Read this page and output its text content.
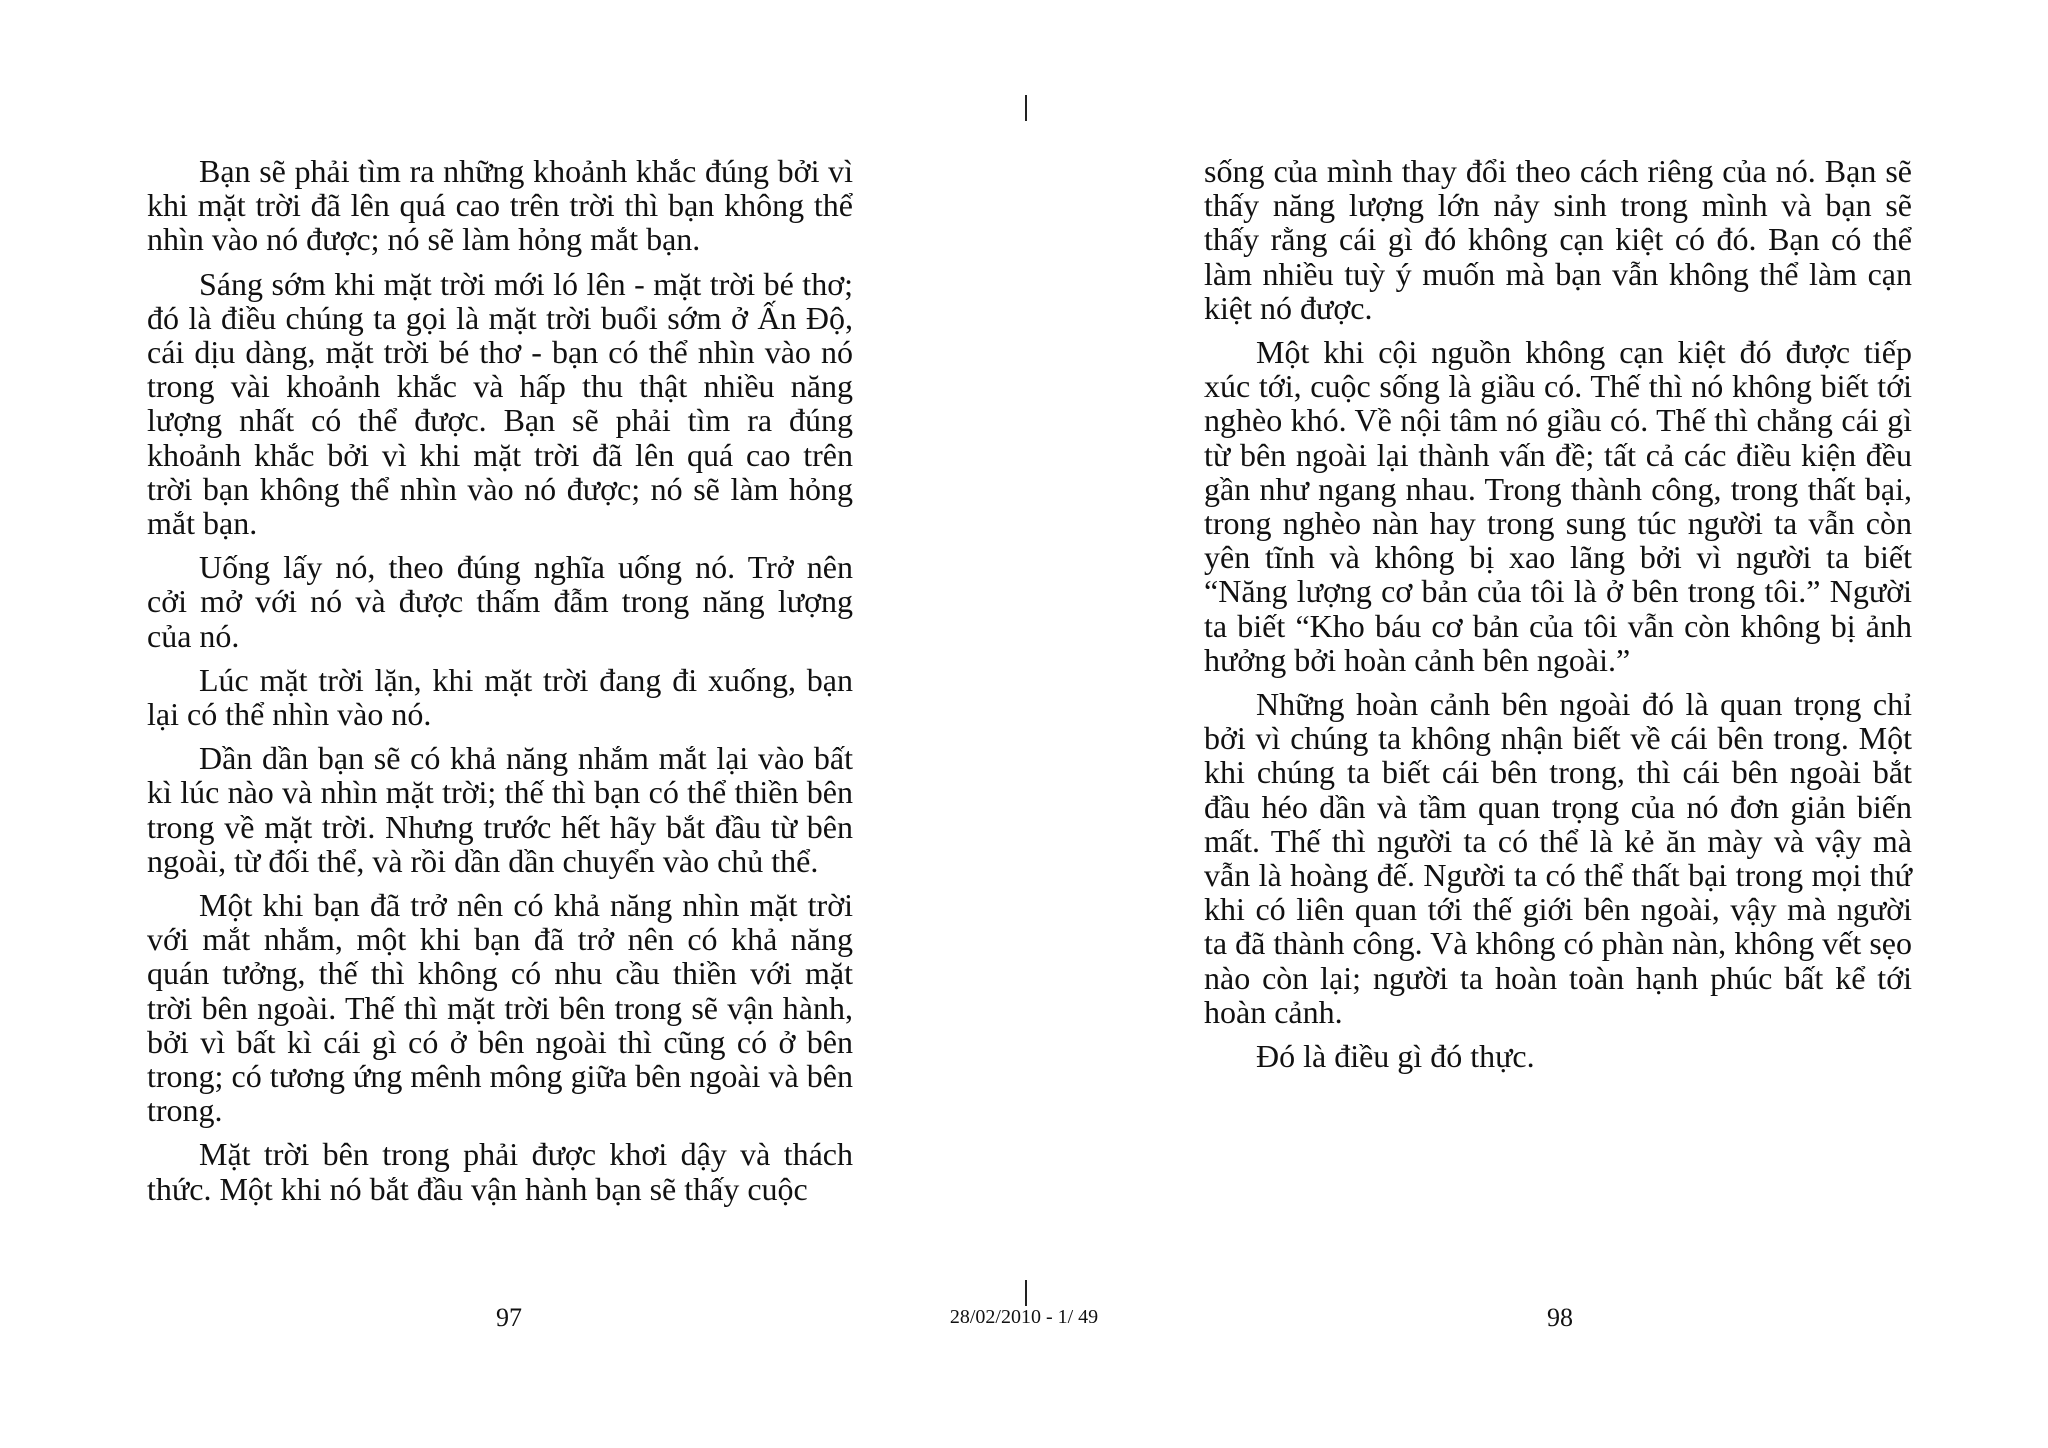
Bạn sẽ phải tìm ra những khoảnh khắc đúng bởi vì khi mặt trời đã lên quá cao trên trời thì bạn không thể nhìn vào nó được; nó sẽ làm hỏng mắt bạn.

Sáng sớm khi mặt trời mới ló lên - mặt trời bé thơ; đó là điều chúng ta gọi là mặt trời buổi sớm ở Ấn Độ, cái dịu dàng, mặt trời bé thơ - bạn có thể nhìn vào nó trong vài khoảnh khắc và hấp thu thật nhiều năng lượng nhất có thể được. Bạn sẽ phải tìm ra đúng khoảnh khắc bởi vì khi mặt trời đã lên quá cao trên trời bạn không thể nhìn vào nó được; nó sẽ làm hỏng mắt bạn.

Uống lấy nó, theo đúng nghĩa uống nó. Trở nên cởi mở với nó và được thấm đẫm trong năng lượng của nó.

Lúc mặt trời lặn, khi mặt trời đang đi xuống, bạn lại có thể nhìn vào nó.

Dần dần bạn sẽ có khả năng nhắm mắt lại vào bất kì lúc nào và nhìn mặt trời; thế thì bạn có thể thiền bên trong về mặt trời. Nhưng trước hết hãy bắt đầu từ bên ngoài, từ đối thể, và rồi dần dần chuyển vào chủ thể.

Một khi bạn đã trở nên có khả năng nhìn mặt trời với mắt nhắm, một khi bạn đã trở nên có khả năng quán tưởng, thế thì không có nhu cầu thiền với mặt trời bên ngoài. Thế thì mặt trời bên trong sẽ vận hành, bởi vì bất kì cái gì có ở bên ngoài thì cũng có ở bên trong; có tương ứng mênh mông giữa bên ngoài và bên trong.

Mặt trời bên trong phải được khơi dậy và thách thức. Một khi nó bắt đầu vận hành bạn sẽ thấy cuộc

97

sống của mình thay đổi theo cách riêng của nó. Bạn sẽ thấy năng lượng lớn nảy sinh trong mình và bạn sẽ thấy rằng cái gì đó không cạn kiệt có đó. Bạn có thể làm nhiều tuỳ ý muốn mà bạn vẫn không thể làm cạn kiệt nó được.

Một khi cội nguồn không cạn kiệt đó được tiếp xúc tới, cuộc sống là giầu có. Thế thì nó không biết tới nghèo khó. Về nội tâm nó giầu có. Thế thì chẳng cái gì từ bên ngoài lại thành vấn đề; tất cả các điều kiện đều gần như ngang nhau. Trong thành công, trong thất bại, trong nghèo nàn hay trong sung túc người ta vẫn còn yên tĩnh và không bị xao lãng bởi vì người ta biết “Năng lượng cơ bản của tôi là ở bên trong tôi.” Người ta biết “Kho báu cơ bản của tôi vẫn còn không bị ảnh hưởng bởi hoàn cảnh bên ngoài.”

Những hoàn cảnh bên ngoài đó là quan trọng chỉ bởi vì chúng ta không nhận biết về cái bên trong. Một khi chúng ta biết cái bên trong, thì cái bên ngoài bắt đầu héo dần và tầm quan trọng của nó đơn giản biến mất. Thế thì người ta có thể là kẻ ăn mày và vậy mà vẫn là hoàng đế. Người ta có thể thất bại trong mọi thứ khi có liên quan tới thế giới bên ngoài, vậy mà người ta đã thành công. Và không có phàn nàn, không vết sẹo nào còn lại; người ta hoàn toàn hạnh phúc bất kể tới hoàn cảnh.

Đó là điều gì đó thực.

98
28/02/2010 - 1/ 49
